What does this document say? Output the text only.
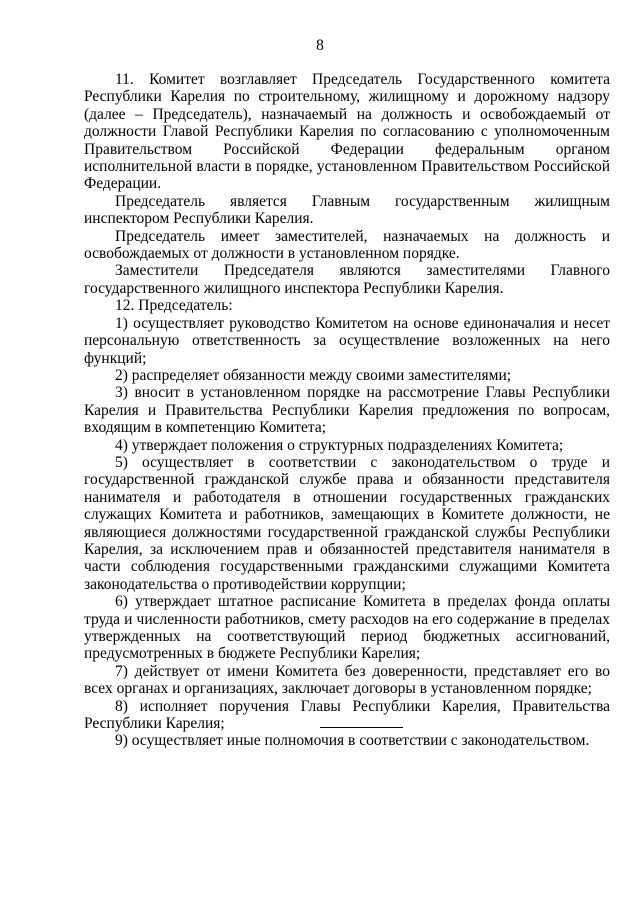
8

11. Комитет возглавляет Председатель Государственного комитета Республики Карелия по строительному, жилищному и дорожному надзору (далее – Председатель), назначаемый на должность и освобождаемый от должности Главой Республики Карелия по согласованию с уполномоченным Правительством Российской Федерации федеральным органом исполнительной власти в порядке, установленном Правительством Российской Федерации.

Председатель является Главным государственным жилищным инспектором Республики Карелия.

Председатель имеет заместителей, назначаемых на должность и освобождаемых от должности в установленном порядке.

Заместители Председателя являются заместителями Главного государственного жилищного инспектора Республики Карелия.

12. Председатель:

1) осуществляет руководство Комитетом на основе единоначалия и несет персональную ответственность за осуществление возложенных на него функций;

2) распределяет обязанности между своими заместителями;

3) вносит в установленном порядке на рассмотрение Главы Республики Карелия и Правительства Республики Карелия предложения по вопросам, входящим в компетенцию Комитета;

4) утверждает положения о структурных подразделениях Комитета;

5) осуществляет в соответствии с законодательством о труде и государственной гражданской службе права и обязанности представителя нанимателя и работодателя в отношении государственных гражданских служащих Комитета и работников, замещающих в Комитете должности, не являющиеся должностями государственной гражданской службы Республики Карелия, за исключением прав и обязанностей представителя нанимателя в части соблюдения государственными гражданскими служащими Комитета законодательства о противодействии коррупции;

6) утверждает штатное расписание Комитета в пределах фонда оплаты труда и численности работников, смету расходов на его содержание в пределах утвержденных на соответствующий период бюджетных ассигнований, предусмотренных в бюджете Республики Карелия;

7) действует от имени Комитета без доверенности, представляет его во всех органах и организациях, заключает договоры в установленном порядке;

8) исполняет поручения Главы Республики Карелия, Правительства Республики Карелия;

9) осуществляет иные полномочия в соответствии с законодательством.
